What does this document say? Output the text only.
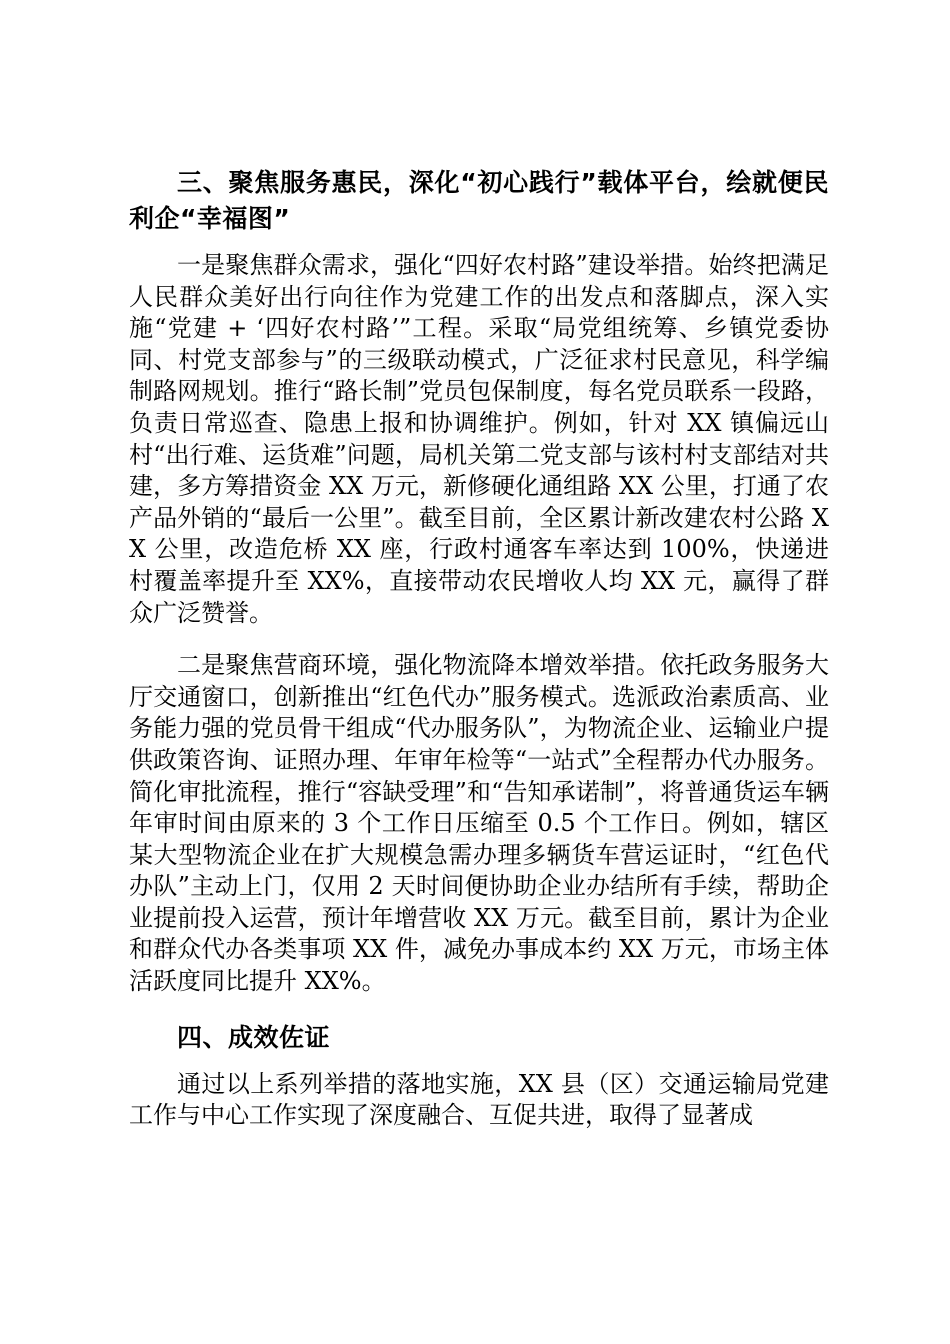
三、聚焦服务惠民，深化“初心践行”载体平台，绘就便民利企“幸福图”

一是聚焦群众需求，强化“四好农村路”建设举措。始终把满足人民群众美好出行向往作为党建工作的出发点和落脚点，深入实施“党建 + ‘四好农村路’”工程。采取“局党组统筹、乡镇党委协同、村党支部参与”的三级联动模式，广泛征求村民意见，科学编制路网规划。推行“路长制”党员包保制度，每名党员联系一段路，负责日常巡查、隐患上报和协调维护。例如，针对 XX 镇偏远山村“出行难、运货难”问题，局机关第二党支部与该村村支部结对共建，多方筹措资金 XX 万元，新修硬化通组路 XX 公里，打通了农产品外销的“最后一公里”。截至目前，全区累计新改建农村公路 XX 公里，改造危桥 XX 座，行政村通客车率达到 100%，快递进村覆盖率提升至 XX%，直接带动农民增收人均 XX 元，赢得了群众广泛赞誉。

二是聚焦营商环境，强化物流降本增效举措。依托政务服务大厅交通窗口，创新推出“红色代办”服务模式。选派政治素质高、业务能力强的党员骨干组成“代办服务队”，为物流企业、运输业户提供政策咨询、证照办理、年审年检等“一站式”全程帮办代办服务。简化审批流程，推行“容缺受理”和“告知承诺制”，将普通货运车辆年审时间由原来的 3 个工作日压缩至 0.5 个工作日。例如，辖区某大型物流企业在扩大规模急需办理多辆货车营运证时，“红色代办队”主动上门，仅用 2 天时间便协助企业办结所有手续，帮助企业提前投入运营，预计年增营收 XX 万元。截至目前，累计为企业和群众代办各类事项 XX 件，减免办事成本约 XX 万元，市场主体活跃度同比提升 XX%。

四、成效佐证

通过以上系列举措的落地实施，XX 县（区）交通运输局党建工作与中心工作实现了深度融合、互促共进，取得了显著成
